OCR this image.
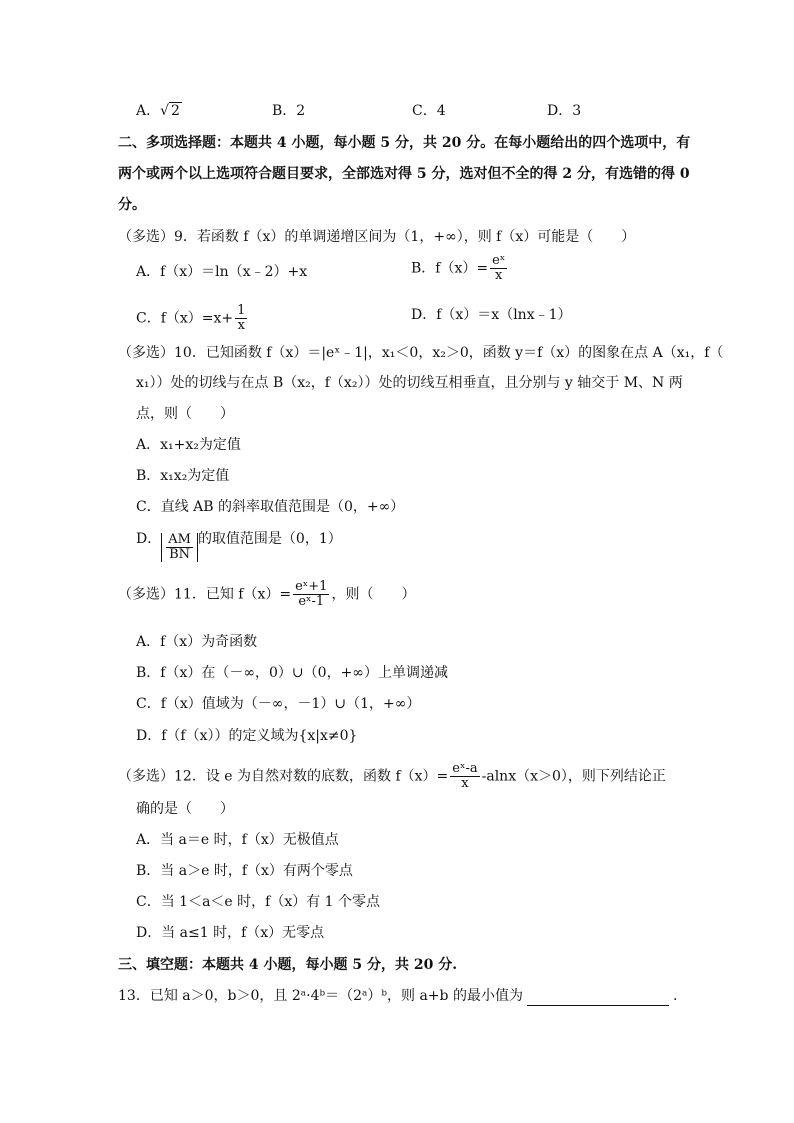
A．√ 2	B．2	C．4	D．3
二、多项选择题：本题共 4 小题，每小题 5 分，共 20 分。在每小题给出的四个选项中，有
两个或两个以上选项符合题目要求，全部选对得 5 分，选对但不全的得 2 分，有选错的得 0
分。
（多选）9．若函数 f（x）的单调递增区间为（1，+∞），则 f（x）可能是（　　）
A．f（x）＝ln（x﹣2）+x	B．$f(x)= \frac{\text{eˣ}}{x}$
C．$f(x)=x+ \frac{1}{x}$	D．f（x）＝x（lnx﹣1）
（多选）10．已知函数 f（x）＝|eˣ﹣1|，x₁＜0，x₂＞0，函数 y＝f（x）的图象在点 A（x₁，f（
x₁））处的切线与在点 B（x₂，f（x₂））处的切线互相垂直，且分别与 y 轴交于 M、N 两
点，则（　　）
A．x₁+x₂为定值
B．x₁x₂为定值
C．直线 AB 的斜率取值范围是（0，+∞）
D． $\frac{AM}{BN}$ 的取值范围是（0，1）
（多选）11．已知 $f(x)= \frac{\text{eˣ+1}}{\text{eˣ-1}}$ ，则（　　）
A．f（x）为奇函数
B．f（x）在（－∞，0）∪（0，+∞）上单调递减
C．f（x）值域为（－∞，－1）∪（1，+∞）
D．f（f（x））的定义域为{x|x≠0}
（多选）12．设 e 为自然对数的底数，函数 $f(x)= \frac{\text{eˣ-a}}{x} -alnx(x>0)$，则下列结论正
确的是（　　）
A．当 a＝e 时，f（x）无极值点
B．当 a＞e 时，f（x）有两个零点
C．当 1＜a＜e 时，f（x）有 1 个零点
D．当 a≤1 时，f（x）无零点
三、填空题：本题共 4 小题，每小题 5 分，共 20 分.
13．已知 a＞0，b＞0，且 2ᵃ·4ᵇ＝（2ᵃ）ᵇ，则 a+b 的最小值为	.
